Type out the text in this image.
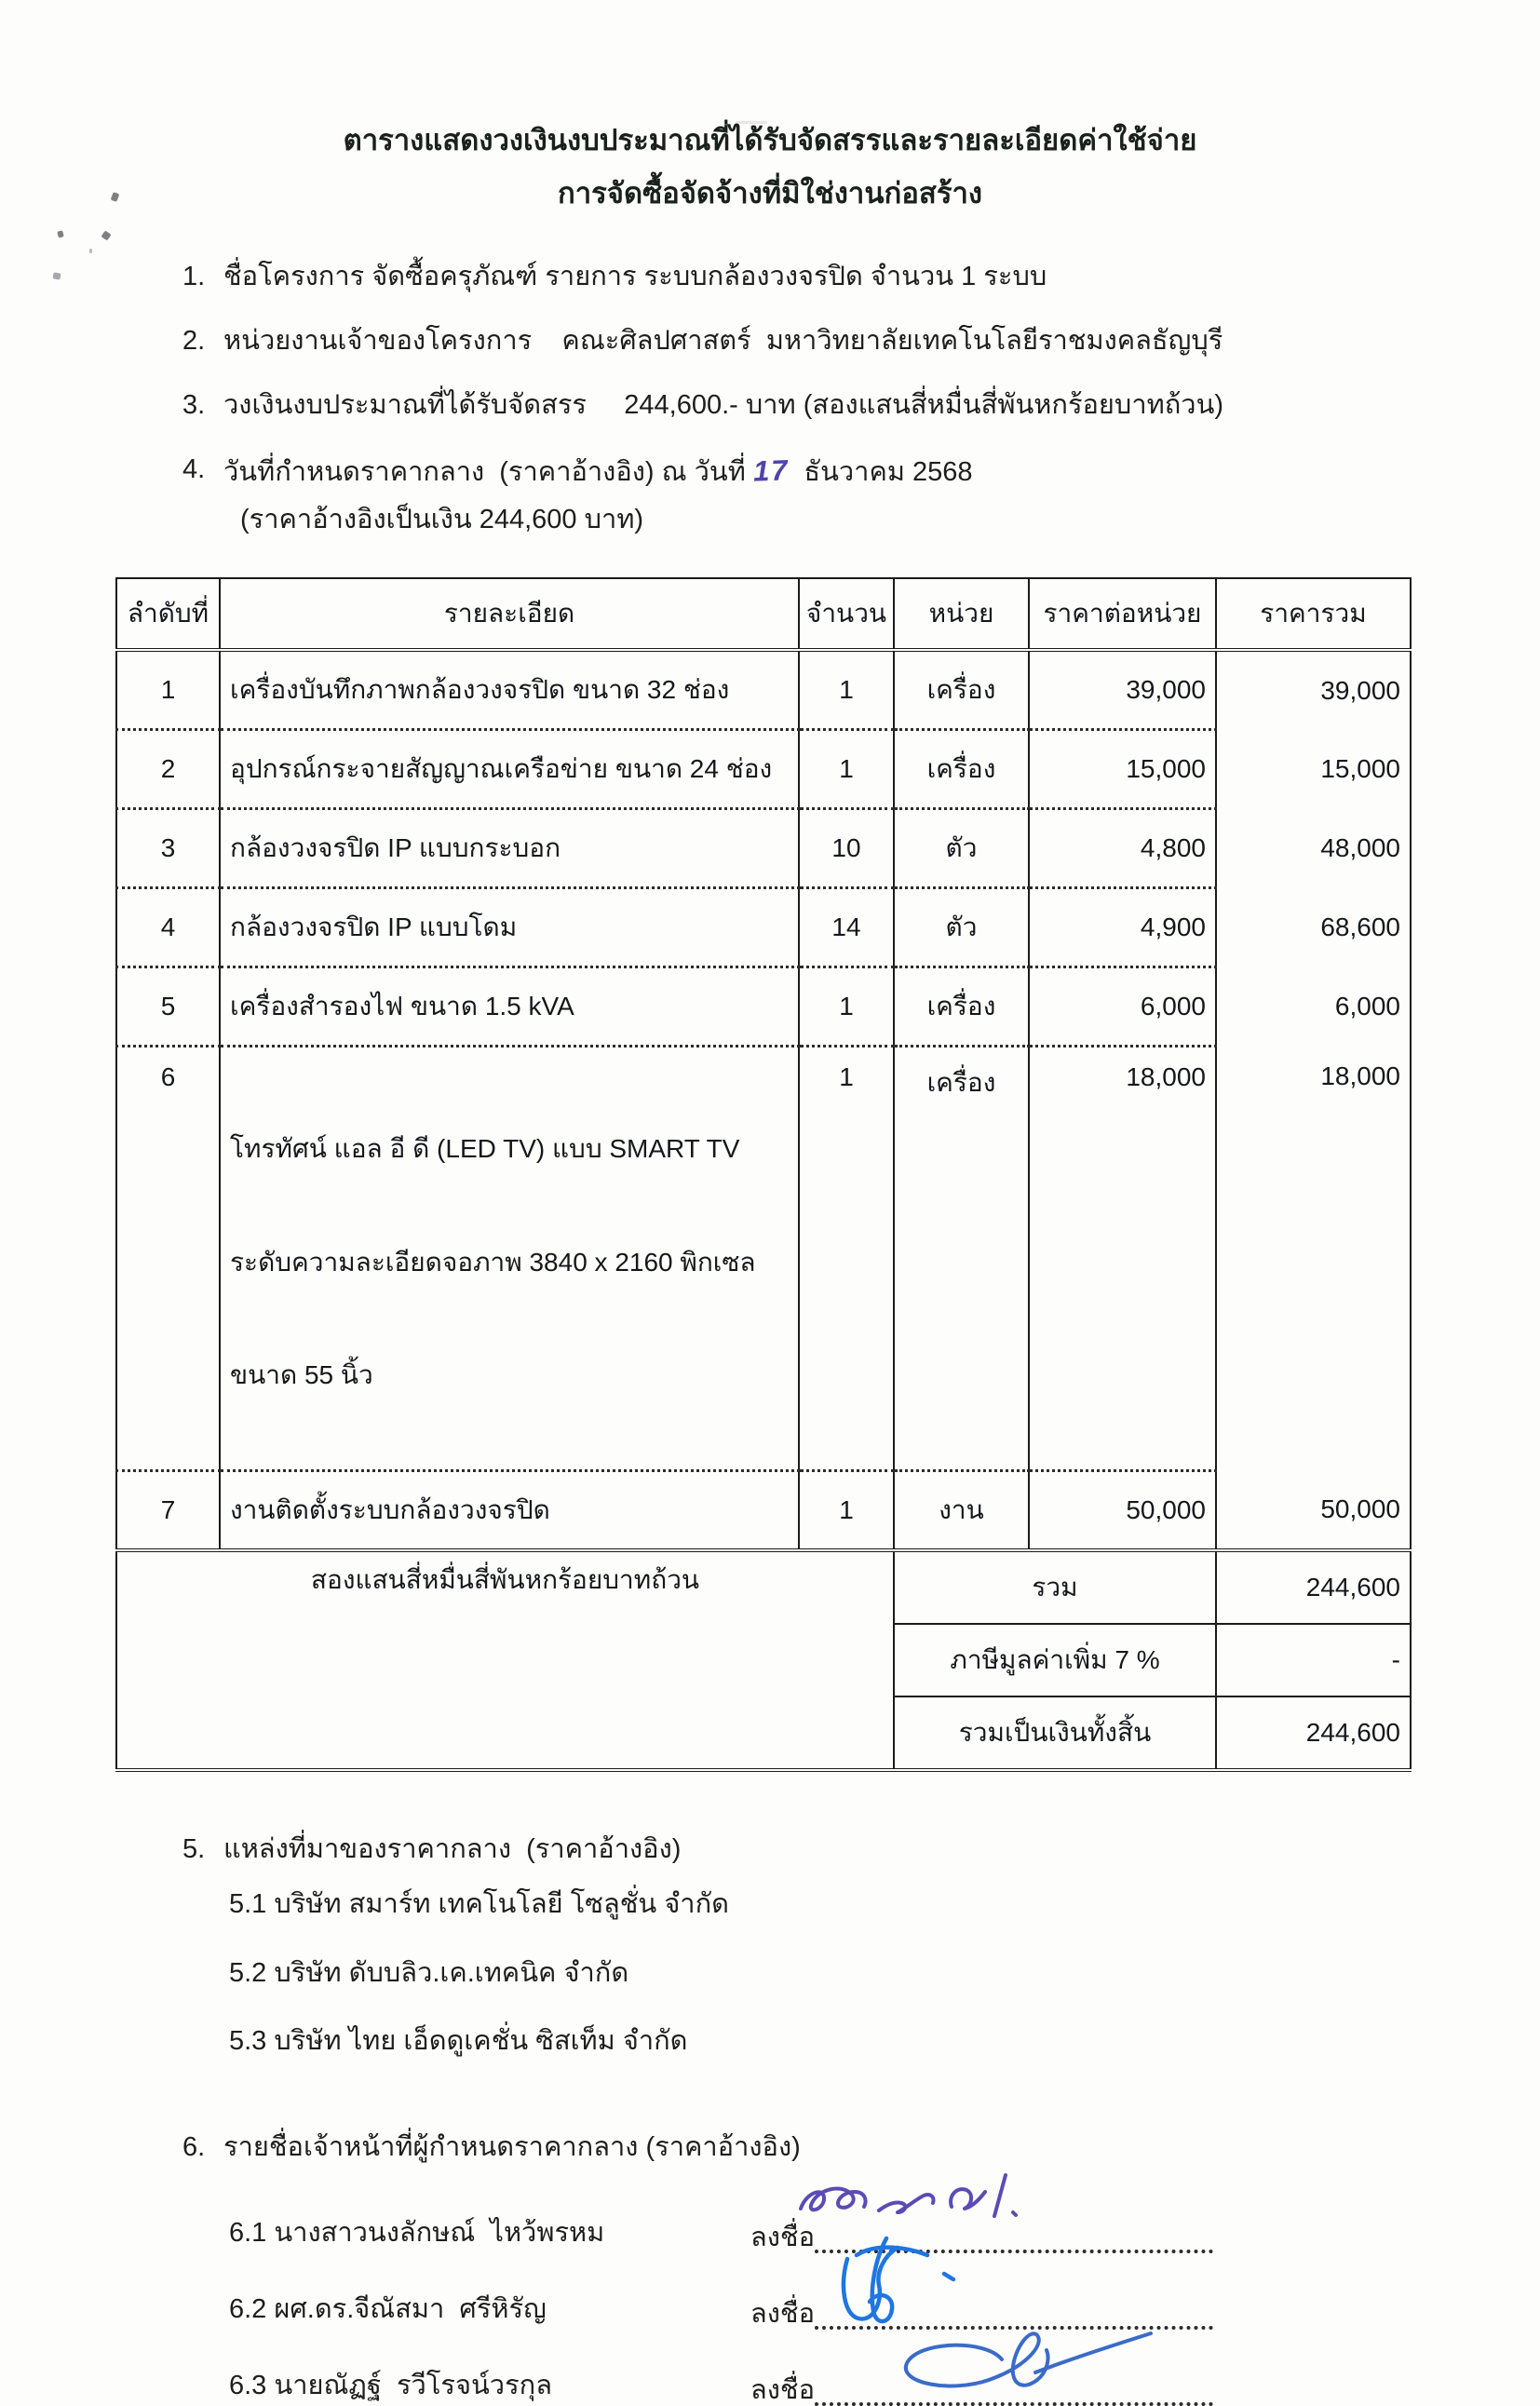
ตารางแสดงวงเงินงบประมาณที่ได้รับจัดสรรและรายละเอียดค่าใช้จ่าย
การจัดซื้อจัดจ้างที่มิใช่งานก่อสร้าง
1. ชื่อโครงการ จัดซื้อครุภัณฑ์ รายการ ระบบกล้องวงจรปิด จำนวน 1 ระบบ
2. หน่วยงานเจ้าของโครงการ    คณะศิลปศาสตร์  มหาวิทยาลัยเทคโนโลยีราชมงคลธัญบุรี
3. วงเงินงบประมาณที่ได้รับจัดสรร     244,600.- บาท (สองแสนสี่หมื่นสี่พันหกร้อยบาทถ้วน)
4. วันที่กำหนดราคากลาง  (ราคาอ้างอิง) ณ วันที่ 17 ธันวาคม 2568
(ราคาอ้างอิงเป็นเงิน 244,600 บาท)
ลำดับที่	รายละเอียด	จำนวน	หน่วย	ราคาต่อหน่วย	ราคารวม
1	เครื่องบันทึกภาพกล้องวงจรปิด ขนาด 32 ช่อง	1	เครื่อง	39,000	39,000
2	อุปกรณ์กระจายสัญญาณเครือข่าย ขนาด 24 ช่อง	1	เครื่อง	15,000	15,000
3	กล้องวงจรปิด IP แบบกระบอก	10	ตัว	4,800	48,000
4	กล้องวงจรปิด IP แบบโดม	14	ตัว	4,900	68,600
5	เครื่องสำรองไฟ ขนาด 1.5 kVA	1	เครื่อง	6,000	6,000
6	โทรทัศน์ แอล อี ดี (LED TV) แบบ SMART TV

ระดับความละเอียดจอภาพ 3840 x 2160 พิกเซล

ขนาด 55 นิ้ว	1	เครื่อง	18,000	18,000
7	งานติดตั้งระบบกล้องวงจรปิด	1	งาน	50,000	50,000
สองแสนสี่หมื่นสี่พันหกร้อยบาทถ้วน			รวม		244,600
			ภาษีมูลค่าเพิ่ม 7 %		-
			รวมเป็นเงินทั้งสิ้น		244,600
5. แหล่งที่มาของราคากลาง  (ราคาอ้างอิง)
5.1 บริษัท สมาร์ท เทคโนโลยี โซลูชั่น จำกัด
5.2 บริษัท ดับบลิว.เค.เทคนิค จำกัด
5.3 บริษัท ไทย เอ็ดดูเคชั่น ซิสเท็ม จำกัด
6. รายชื่อเจ้าหน้าที่ผู้กำหนดราคากลาง (ราคาอ้างอิง)
6.1 นางสาวนงลักษณ์  ไหว้พรหม	ลงชื่อ
6.2 ผศ.ดร.จีณัสมา  ศรีหิรัญ	ลงชื่อ
6.3 นายณัฏฐ์  รวีโรจน์วรกุล	ลงชื่อ
